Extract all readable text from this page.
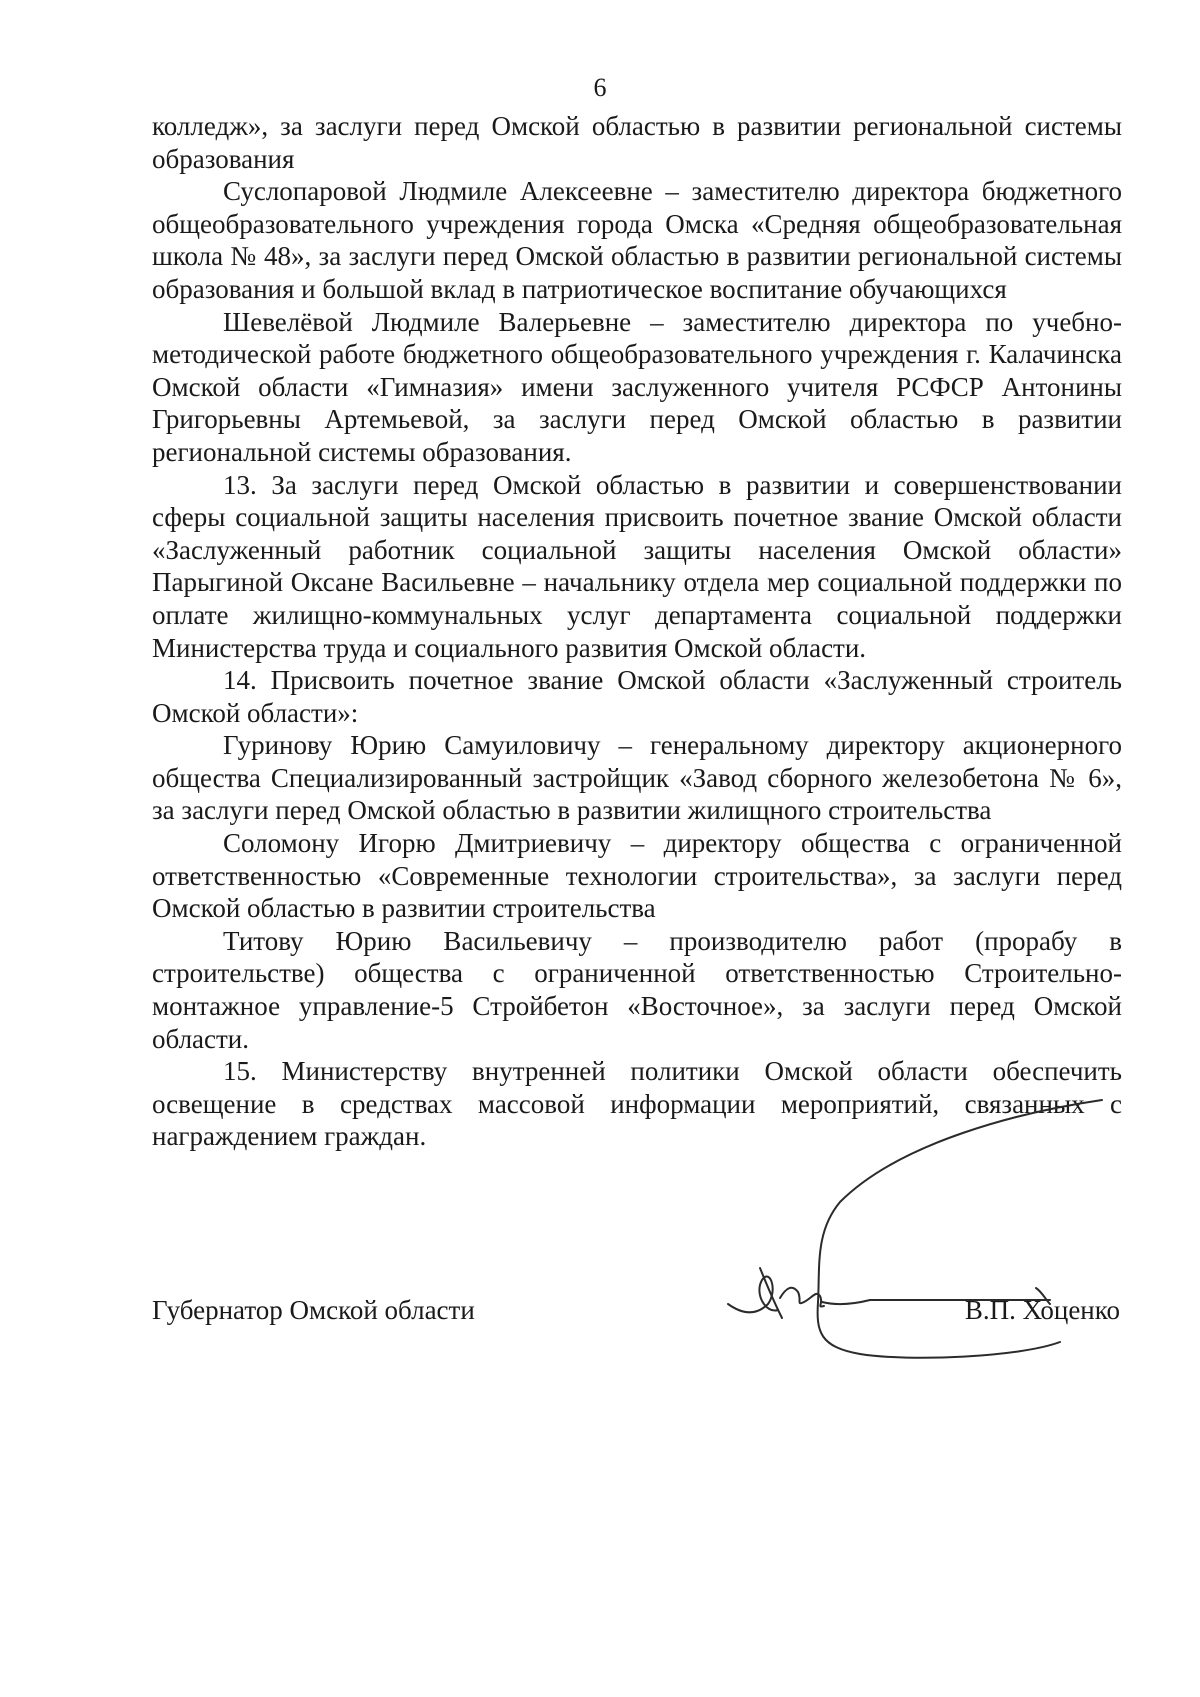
6

колледж», за заслуги перед Омской областью в развитии региональной системы образования

Суслопаровой Людмиле Алексеевне – заместителю директора бюджетного общеобразовательного учреждения города Омска «Средняя общеобразовательная школа № 48», за заслуги перед Омской областью в развитии региональной системы образования и большой вклад в патриотическое воспитание обучающихся

Шевелёвой Людмиле Валерьевне – заместителю директора по учебно-методической работе бюджетного общеобразовательного учреждения г. Калачинска Омской области «Гимназия» имени заслуженного учителя РСФСР Антонины Григорьевны Артемьевой, за заслуги перед Омской областью в развитии региональной системы образования.

13. За заслуги перед Омской областью в развитии и совершенствовании сферы социальной защиты населения присвоить почетное звание Омской области «Заслуженный работник социальной защиты населения Омской области» Парыгиной Оксане Васильевне – начальнику отдела мер социальной поддержки по оплате жилищно-коммунальных услуг департамента социальной поддержки Министерства труда и социального развития Омской области.

14. Присвоить почетное звание Омской области «Заслуженный строитель Омской области»:

Гуринову Юрию Самуиловичу – генеральному директору акционерного общества Специализированный застройщик «Завод сборного железобетона № 6», за заслуги перед Омской областью в развитии жилищного строительства

Соломону Игорю Дмитриевичу – директору общества с ограниченной ответственностью «Современные технологии строительства», за заслуги перед Омской областью в развитии строительства

Титову Юрию Васильевичу – производителю работ (прорабу в строительстве) общества с ограниченной ответственностью Строительно-монтажное управление-5 Стройбетон «Восточное», за заслуги перед Омской области.

15. Министерству внутренней политики Омской области обеспечить освещение в средствах массовой информации мероприятий, связанных с награждением граждан.

Губернатор Омской области	В.П. Хоценко
